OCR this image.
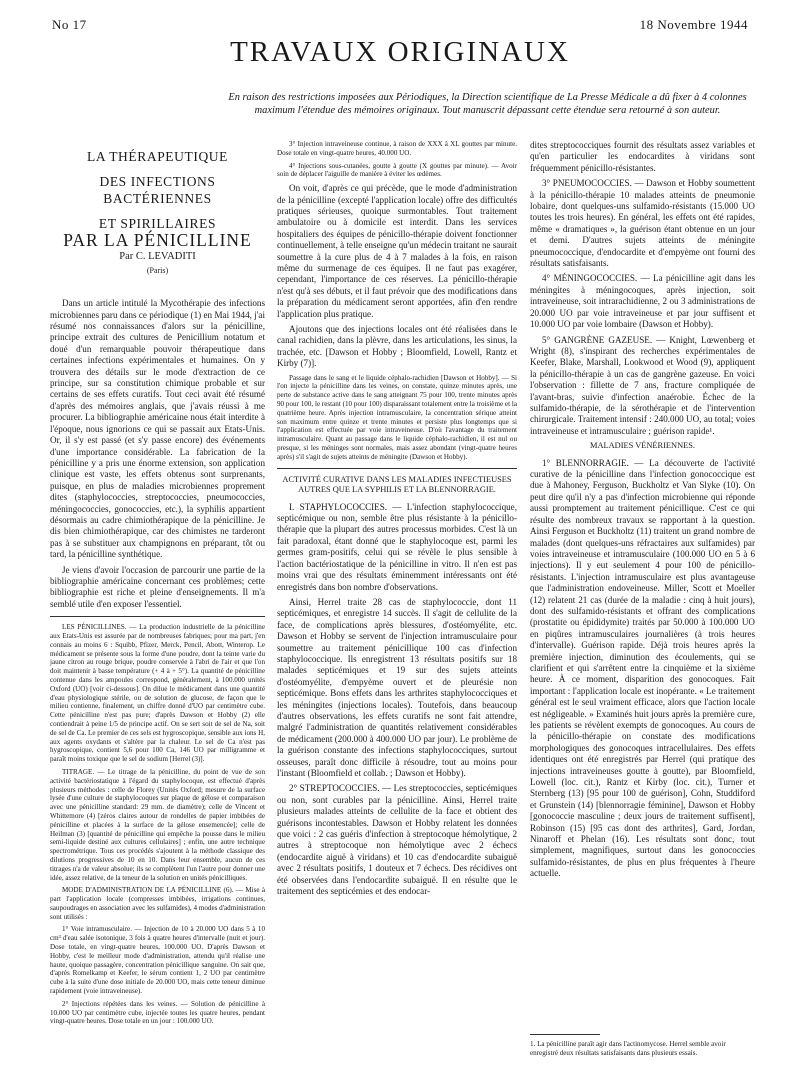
No 17	18 Novembre 1944
TRAVAUX ORIGINAUX
En raison des restrictions imposées aux Périodiques, la Direction scientifique de La Presse Médicale a dû fixer à 4 colonnes maximum l'étendue des mémoires originaux. Tout manuscrit dépassant cette étendue sera retourné à son auteur.
LA THÉRAPEUTIQUE
DES INFECTIONS BACTÉRIENNES
ET SPIRILLAIRES
PAR LA PÉNICILLINE
Par C. LEVADITI
(Paris)

Dans un article intitulé la Mycothérapie des infections microbiennes paru dans ce périodique (1) en Mai 1944, j'ai résumé nos connaissances d'alors sur la pénicilline, principe extrait des cultures de Penicillium notatum et doué d'un remarquable pouvoir thérapeutique dans certaines infections expérimentales et humaines. On y trouvera des détails sur le mode d'extraction de ce principe, sur sa constitution chimique probable et sur certains de ses effets curatifs. Tout ceci avait été résumé d'après des mémoires anglais, que j'avais réussi à me procurer. La bibliographie américaine nous était interdite à l'époque, nous ignorions ce qui se passait aux Etats-Unis. Or, il s'y est passé (et s'y passe encore) des événements d'une importance considérable. La fabrication de la pénicilline y a pris une énorme extension, son application clinique est vaste, les effets obtenus sont surprenants, puisque, en plus de maladies microbiennes proprement dites (staphylococcies, streptococcies, pneumococcies, méningococcies, gonococcies, etc.), la syphilis appartient désormais au cadre chimiothérapique de la pénicilline. Je dis bien chimiothérapique, car des chimistes ne tarderont pas à se substituer aux champignons en préparant, tôt ou tard, la pénicilline synthétique.

Je viens d'avoir l'occasion de parcourir une partie de la bibliographie américaine concernant ces problèmes; cette bibliographie est riche et pleine d'enseignements. Il m'a semblé utile d'en exposer l'essentiel.

LES PÉNICILLINES. — La production industrielle de la pénicilline aux Etats-Unis est assurée par de nombreuses fabriques; pour ma part, j'en connais au moins 6 : Squibb, Pfizer, Merck, Pencil, Abott, Winterop. Le médicament se présente sous la forme d'une poudre, dont la teinte varie du jaune citron au rouge brique, poudre conservée à l'abri de l'air et que l'on doit maintenir à basse température (+ 4 à + 5°). La quantité de pénicilline contenue dans les ampoules correspond, généralement, à 100.000 unités Oxford (UO) [voir ci-dessous]. On dilue le médicament dans une quantité d'eau physiologique stérile, ou de solution de glucose, de façon que le milieu contienne, finalement, un chiffre donné d'UO par centimètre cube. Cette pénicilline n'est pas pure; d'après Dawson et Hobby (2) elle contiendrait à peine 1/5 de principe actif. On se sert soit de sel de Na, soit de sel de Ca. Le premier de ces sels est hygroscopique, sensible aux ions H, aux agents oxydants et s'altère par la chaleur. Le sel de Ca n'est pas hygroscopique, contient 5,6 pour 100 Ca, 146 UO par milligramme et paraît moins toxique que le sel de sodium [Herrel (3)].

TITRAGE. — Le titrage de la pénicilline, du point de vue de son activité bactériostatique à l'égard du staphylocoque, est effectué d'après plusieurs méthodes : celle de Florey (Unités Oxford; mesure de la surface lysée d'une culture de staphylocoques sur plaque de gélose et comparaison avec une pénicilline standard: 29 mm. de diamètre); celle de Vincent et Whittemore (4) [zéros claires autour de rondelles de papier imbibées de pénicilline et placées à la surface de la gélose ensemencée]; celle de Heilman (3) [quantité de pénicilline qui empêche la pousse dans le milieu semi-liquide destiné aux cultures cellulaires] ; enfin, une autre technique spectrométrique. Tous ces procédés s'ajoutent à la méthode classique des dilutions progressives de 10 en 10. Dans leur ensemble, aucun de ces titrages n'a de valeur absolue; ils se complètent l'un l'autre pour donner une idée, assez relative, de la teneur de la solution en unités pénicilliques.

MODE D'ADMINISTRATION DE LA PÉNICILLINE (6). — Mise à part l'application locale (compresses imbibées, irrigations continues, saupoudrages en association avec les sulfamides), 4 modes d'administration sont utilisés :

1° Voie intramusculaire. — Injection de 10 à 20.000 UO dans 5 à 10 cm³ d'eau salée isotonique, 3 fois à quatre heures d'intervalle (nuit et jour). Dose totale, en vingt-quatre heures, 100.000 UO. D'après Dawson et Hobby, c'est le meilleur mode d'administration, attendu qu'il réalise une haute, quoique passagère, concentration pénicillique sanguine. On sait que, d'après Romelkamp et Keefer, le sérum contient 1, 2 UO par centimètre cube à la suite d'une dose initiale de 20.000 UO, mais cette teneur diminue rapidement (voie intraveineuse).

2° Injections répétées dans les veines. — Solution de pénicilline à 10.000 UO par centimètre cube, injectée toutes les quatre heures, pendant vingt-quatre heures. Dose totale en un jour : 100.000 UO.

3° Injection intraveineuse continue, à raison de XXX à XL gouttes par minute. Dose totale en vingt-quatre heures, 40.000 UO.

4° Injections sous-cutanées, goutte à goutte (X gouttes par minute). — Avoir soin de déplacer l'aiguille de manière à éviter les œdèmes.

On voit, d'après ce qui précède, que le mode d'administration de la pénicilline (excepté l'application locale) offre des difficultés pratiques sérieuses, quoique surmontables. Tout traitement ambulatoire ou à domicile est interdit. Dans les services hospitaliers des équipes de pénicillo-thérapie doivent fonctionner continuellement, à telle enseigne qu'un médecin traitant ne saurait soumettre à la cure plus de 4 à 7 malades à la fois, en raison même du surmenage de ces équipes. Il ne faut pas exagérer, cependant, l'importance de ces réserves. La pénicillo-thérapie n'est qu'à ses débuts, et il faut prévoir que des modifications dans la préparation du médicament seront apportées, afin d'en rendre l'application plus pratique.

Ajoutons que des injections locales ont été réalisées dans le canal rachidien, dans la plèvre, dans les articulations, les sinus, la trachée, etc. [Dawson et Hobby ; Bloomfield, Lowell, Rantz et Kirby (7)].

Passage dans le sang et le liquide céphalo-rachidien [Dawson et Hobby]. — Si l'on injecte la pénicilline dans les veines, on constate, quinze minutes après, une perte de substance active dans le sang atteignant 75 pour 100, trente minutes après 90 pour 100, le restant (10 pour 100) disparaissant totalement entre la troisième et la quatrième heure. Après injection intramusculaire, la concentration sérique atteint son maximum entre quinze et trente minutes et persiste plus longtemps que si l'application est effectuée par voie intraveineuse. D'où l'avantage du traitement intramusculaire. Quant au passage dans le liquide céphalo-rachidien, il est nul ou presque, si les méninges sont normales, mais assez abondant (vingt-quatre heures après) s'il s'agit de sujets atteints de méningite (Dawson et Hobby).

ACTIVITÉ CURATIVE DANS LES MALADIES INFECTIEUSES AUTRES QUE LA SYPHILIS ET LA BLENNORRAGIE.

I. STAPHYLOCOCCIES. — L'infection staphylococcique, septicémique ou non, semble être plus résistante à la pénicillo-thérapie que la plupart des autres processus morbides. C'est là un fait paradoxal, étant donné que le staphylocoque est, parmi les germes gram-positifs, celui qui se révèle le plus sensible à l'action bactériostatique de la pénicilline in vitro. Il n'en est pas moins vrai que des résultats éminemment intéressants ont été enregistrés dans bon nombre d'observations.

Ainsi, Herrel traite 28 cas de staphylococcie, dont 11 septicémiques, et enregistre 14 succès. Il s'agit de cellulite de la face, de complications après blessures, d'ostéomyélite, etc. Dawson et Hobby se servent de l'injection intramusculaire pour soumettre au traitement pénicillique 100 cas d'infection staphylococcique. Ils enregistrent 13 résultats positifs sur 18 malades septicémiques et 19 sur des sujets atteints d'ostéomyélite, d'empyème ouvert et de pleurésie non septicémique. Bons effets dans les arthrites staphylococciques et les méningites (injections locales). Toutefois, dans beaucoup d'autres observations, les effets curatifs ne sont fait attendre, malgré l'administration de quantités relativement considérables de médicament (200.000 à 400.000 UO par jour). Le problème de la guérison constante des infections staphylococciques, surtout osseuses, paraît donc difficile à résoudre, tout au moins pour l'instant (Bloomfield et collab. ; Dawson et Hobby).

2° STREPTOCOCCIES. — Les streptococcies, septicémiques ou non, sont curables par la pénicilline. Ainsi, Herrel traite plusieurs malades atteints de cellulite de la face et obtient des guérisons incontestables. Dawson et Hobby relatent les données que voici : 2 cas guéris d'infection à streptocoque hémolytique, 2 autres à streptocoque non hémolytique avec 2 échecs (endocardite aiguë à viridans) et 10 cas d'endocardite subaiguë avec 2 résultats positifs, 1 douteux et 7 échecs. Des récidives ont été observées dans l'endocardite subaiguë. Il en résulte que le traitement des septicémies et des endocar-

dites streptococciques fournit des résultats assez variables et qu'en particulier les endocardites à viridans sont fréquemment pénicillo-résistantes.

3° PNEUMOCOCCIES. — Dawson et Hobby soumettent à la pénicillo-thérapie 10 malades atteints de pneumonie lobaire, dont quelques-uns sulfamido-résistants (15.000 UO toutes les trois heures). En général, les effets ont été rapides, même « dramatiques », la guérison étant obtenue en un jour et demi. D'autres sujets atteints de méningite pneumococcique, d'endocardite et d'empyème ont fourni des résultats satisfaisants.

4° MÉNINGOCOCCIES. — La pénicilline agit dans les méningites à méningocoques, après injection, soit intraveineuse, soit intrarachidienne, 2 ou 3 administrations de 20.000 UO par voie intraveineuse et par jour suffisent et 10.000 UO par voie lombaire (Dawson et Hobby).

5° GANGRÈNE GAZEUSE. — Knight, Lœwenberg et Wright (8), s'inspirant des recherches expérimentales de Keefer, Blake, Marshall, Lookwood et Wood (9), appliquent la pénicillo-thérapie à un cas de gangrène gazeuse. En voici l'observation : fillette de 7 ans, fracture compliquée de l'avant-bras, suivie d'infection anaérobie. Échec de la sulfamido-thérapie, de la sérothérapie et de l'intervention chirurgicale. Traitement intensif : 240.000 UO, au total; voies intraveineuse et intramusculaire ; guérison rapide¹.

MALADIES VÉNÉRIENNES.

1° BLENNORRAGIE. — La découverte de l'activité curative de la pénicilline dans l'infection gonococcique est due à Mahoney, Ferguson, Buckholtz et Van Slyke (10). On peut dire qu'il n'y a pas d'infection microbienne qui réponde aussi promptement au traitement pénicillique. C'est ce qui résulte des nombreux travaux se rapportant à la question. Ainsi Ferguson et Buckholtz (11) traitent un grand nombre de malades (dont quelques-uns réfractaires aux sulfamides) par voies intraveineuse et intramusculaire (100.000 UO en 5 à 6 injections). Il y eut seulement 4 pour 100 de pénicillo-résistants. L'injection intramusculaire est plus avantageuse que l'administration endoveineuse. Miller, Scott et Moeller (12) relatent 21 cas (durée de la maladie : cinq à huit jours), dont des sulfamido-résistants et offrant des complications (prostatite ou épididymite) traités par 50.000 à 100.000 UO en piqûres intramusculaires journalières (à trois heures d'intervalle). Guérison rapide. Déjà trois heures après la première injection, diminution des écoulements, qui se clarifient et qui s'arrêtent entre la cinquième et la sixième heure. À ce moment, disparition des gonocoques. Fait important : l'application locale est inopérante. « Le traitement général est le seul vraiment efficace, alors que l'action locale est négligeable. » Examinés huit jours après la première cure, les patients se révèlent exempts de gonocoques. Au cours de la pénicillo-thérapie on constate des modifications morphologiques des gonocoques intracellulaires. Des effets identiques ont été enregistrés par Herrel (qui pratique des injections intraveineuses goutte à goutte), par Bloomfield, Lowell (loc. cit.), Rantz et Kirby (loc. cit.), Turner et Sternberg (13) [95 pour 100 de guérison], Cohn, Studdiford et Grunstein (14) [blennorragie féminine], Dawson et Hobby [gonococcie masculine ; deux jours de traitement suffisent], Robinson (15) [95 cas dont des arthrites], Gard, Jordan, Ninaroff et Phelan (16). Les résultats sont donc, tout simplement, magnifiques, surtout dans les gonococcies sulfamido-résistantes, de plus en plus fréquentes à l'heure actuelle.

1. La pénicilline paraît agir dans l'actinomycose. Herrel semble avoir enregistré deux résultats satisfaisants dans plusieurs essais.
